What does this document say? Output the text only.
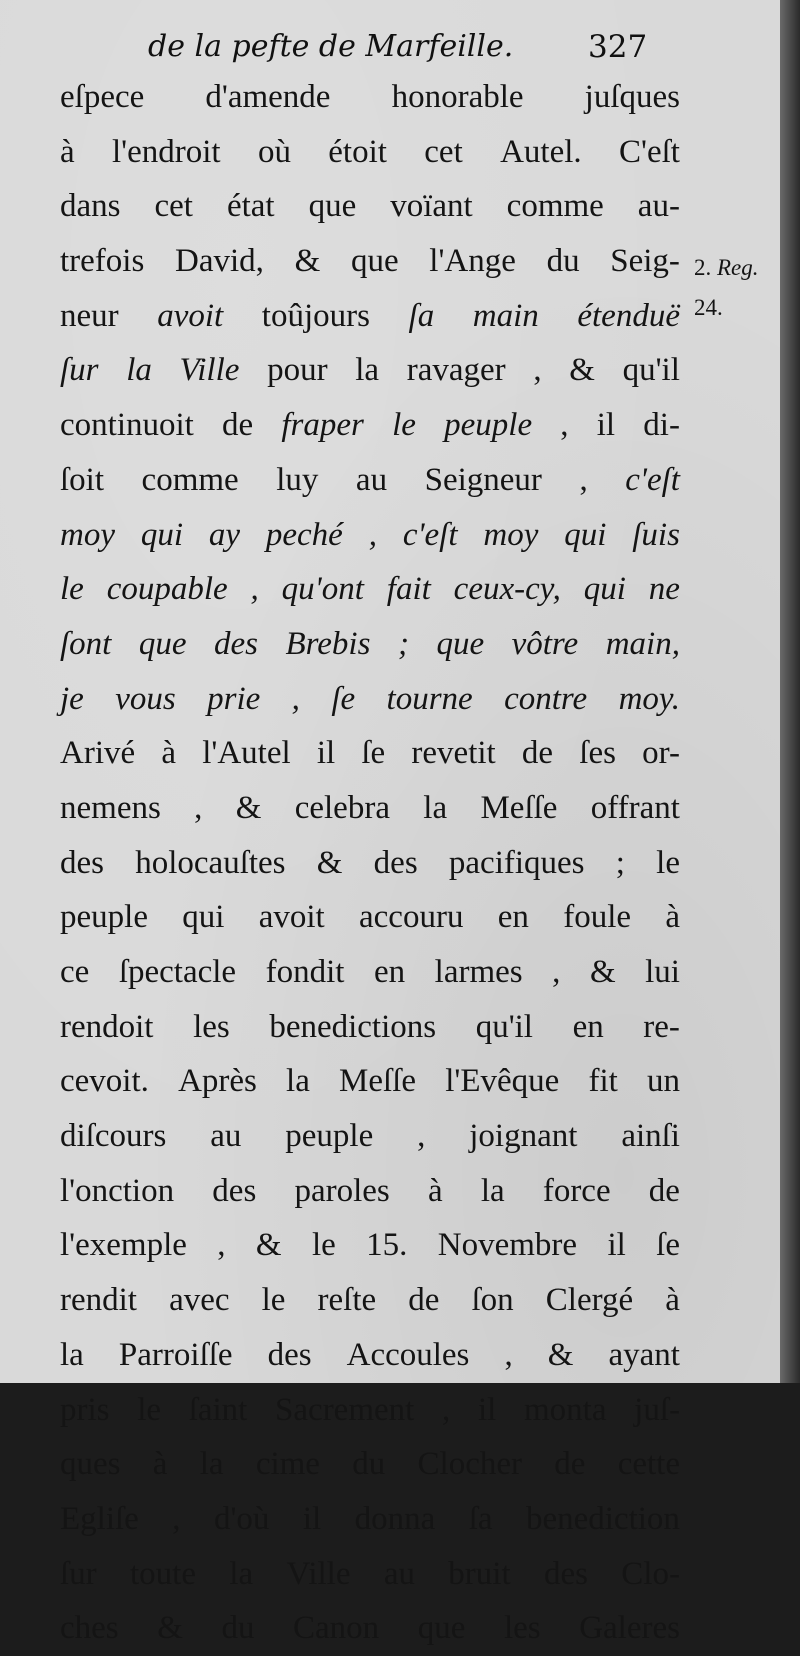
de la pefte de Marfeille.	327
eſpece d'amende honorable juſques
à l'endroit où étoit cet Autel. C'eſt
dans cet état que voïant comme au-
trefois David, & que l'Ange du Seig-
neur avoit toûjours ſa main étenduë
ſur la Ville pour la ravager , & qu'il
continuoit de fraper le peuple , il di-
ſoit comme luy au Seigneur , c'eſt
moy qui ay peché , c'eſt moy qui ſuis
le coupable , qu'ont fait ceux-cy, qui ne
ſont que des Brebis ; que vôtre main,
je vous prie , ſe tourne contre moy.
Arivé à l'Autel il ſe revetit de ſes or-
nemens , & celebra la Meſſe offrant
des holocauſtes & des pacifiques ; le
peuple qui avoit accouru en foule à
ce ſpectacle fondit en larmes , & lui
rendoit les benedictions qu'il en re-
cevoit. Après la Meſſe l'Evêque fit un
diſcours au peuple , joignant ainſi
l'onction des paroles à la force de
l'exemple , & le 15. Novembre il ſe
rendit avec le reſte de ſon Clergé à
la Parroiſſe des Accoules , & ayant
pris le ſaint Sacrement , il monta juſ-
ques à la cime du Clocher de cette
Egliſe , d'où il donna ſa benediction
ſur toute la Ville au bruit des Clo-
ches & du Canon que les Galeres
2. Reg.
24.
